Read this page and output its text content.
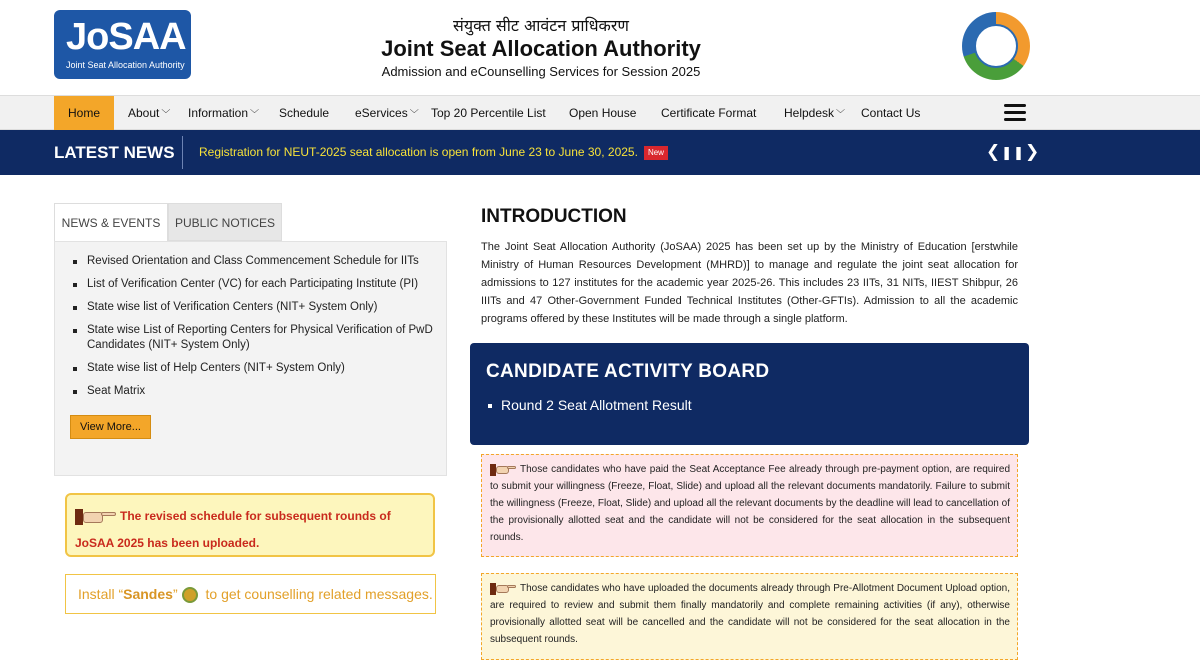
JoSAA
Joint Seat Allocation Authority
संयुक्त सीट आवंटन प्राधिकरण
Joint Seat Allocation Authority
Admission and eCounselling Services for Session 2025
Home	About ﹀ Information ﹀ Schedule eServices ﹀ Top 20 Percentile List Open House Certificate Format Helpdesk ﹀ Contact Us
LATEST NEWS Registration for NEUT-2025 seat allocation is open from June 23 to June 30, 2025. New	❮❚❚❯
NEWS & EVENTS	PUBLIC NOTICES
Revised Orientation and Class Commencement Schedule for IITs
List of Verification Center (VC) for each Participating Institute (PI)
State wise list of Verification Centers (NIT+ System Only)
State wise List of Reporting Centers for Physical Verification of PwD Candidates (NIT+ System Only)
State wise list of Help Centers (NIT+ System Only)
Seat Matrix
View More...
The revised schedule for subsequent rounds of JoSAA 2025 has been uploaded.
Install “Sandes” to get counselling related messages.
INTRODUCTION
The Joint Seat Allocation Authority (JoSAA) 2025 has been set up by the Ministry of Education [erstwhile Ministry of Human Resources Development (MHRD)] to manage and regulate the joint seat allocation for admissions to 127 institutes for the academic year 2025-26. This includes 23 IITs, 31 NITs, IIEST Shibpur, 26 IIITs and 47 Other-Government Funded Technical Institutes (Other-GFTIs). Admission to all the academic programs offered by these Institutes will be made through a single platform.
CANDIDATE ACTIVITY BOARD
Round 2 Seat Allotment Result
Those candidates who have paid the Seat Acceptance Fee already through pre-payment option, are required to submit your willingness (Freeze, Float, Slide) and upload all the relevant documents mandatorily. Failure to submit the willingness (Freeze, Float, Slide) and upload all the relevant documents by the deadline will lead to cancellation of the provisionally allotted seat and the candidate will not be considered for the seat allocation in the subsequent rounds.
Those candidates who have uploaded the documents already through Pre-Allotment Document Upload option, are required to review and submit them finally mandatorily and complete remaining activities (if any), otherwise provisionally allotted seat will be cancelled and the candidate will not be considered for the seat allocation in the subsequent rounds.
